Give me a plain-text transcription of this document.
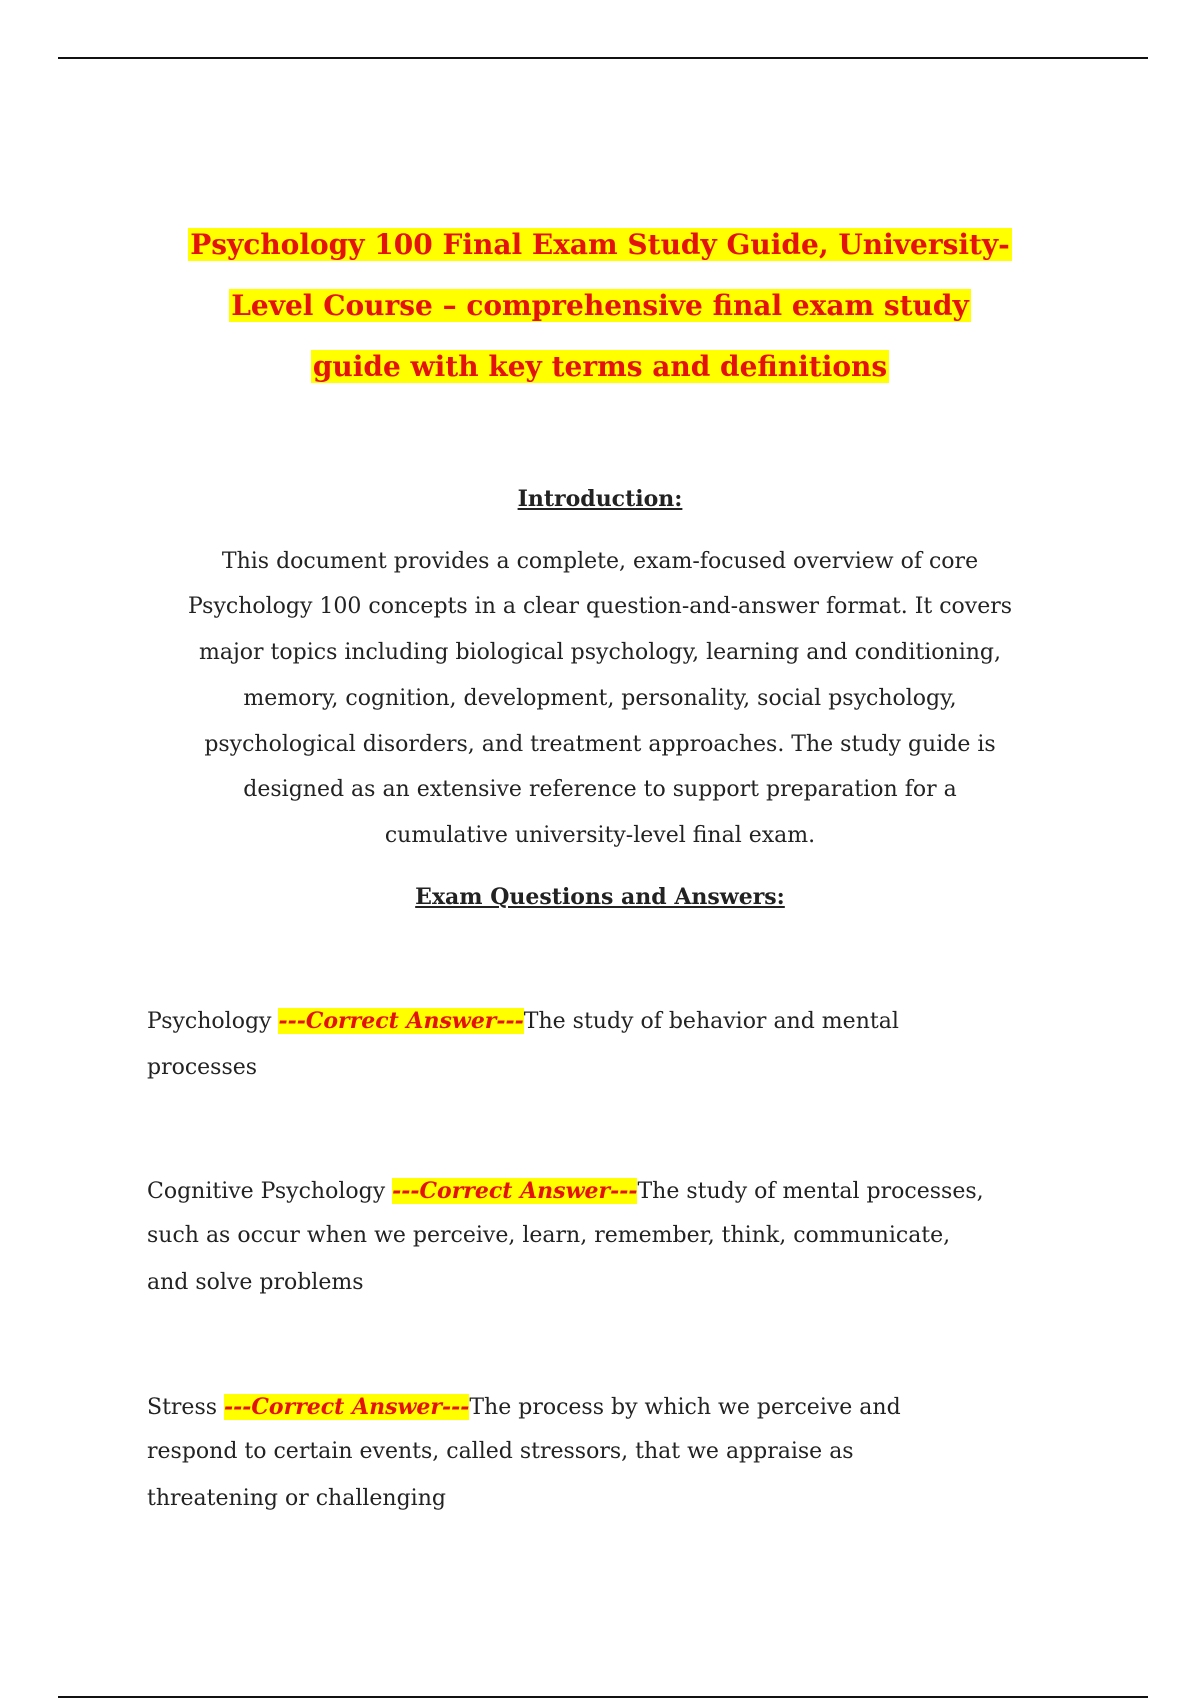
Psychology 100 Final Exam Study Guide, University-
Level Course – comprehensive final exam study
guide with key terms and definitions
Introduction:
This document provides a complete, exam-focused overview of core
Psychology 100 concepts in a clear question-and-answer format. It covers
major topics including biological psychology, learning and conditioning,
memory, cognition, development, personality, social psychology,
psychological disorders, and treatment approaches. The study guide is
designed as an extensive reference to support preparation for a
cumulative university-level final exam.
Exam Questions and Answers:
Psychology ---Correct Answer---The study of behavior and mental
processes
Cognitive Psychology ---Correct Answer---The study of mental processes,
such as occur when we perceive, learn, remember, think, communicate,
and solve problems
Stress ---Correct Answer---The process by which we perceive and
respond to certain events, called stressors, that we appraise as
threatening or challenging
